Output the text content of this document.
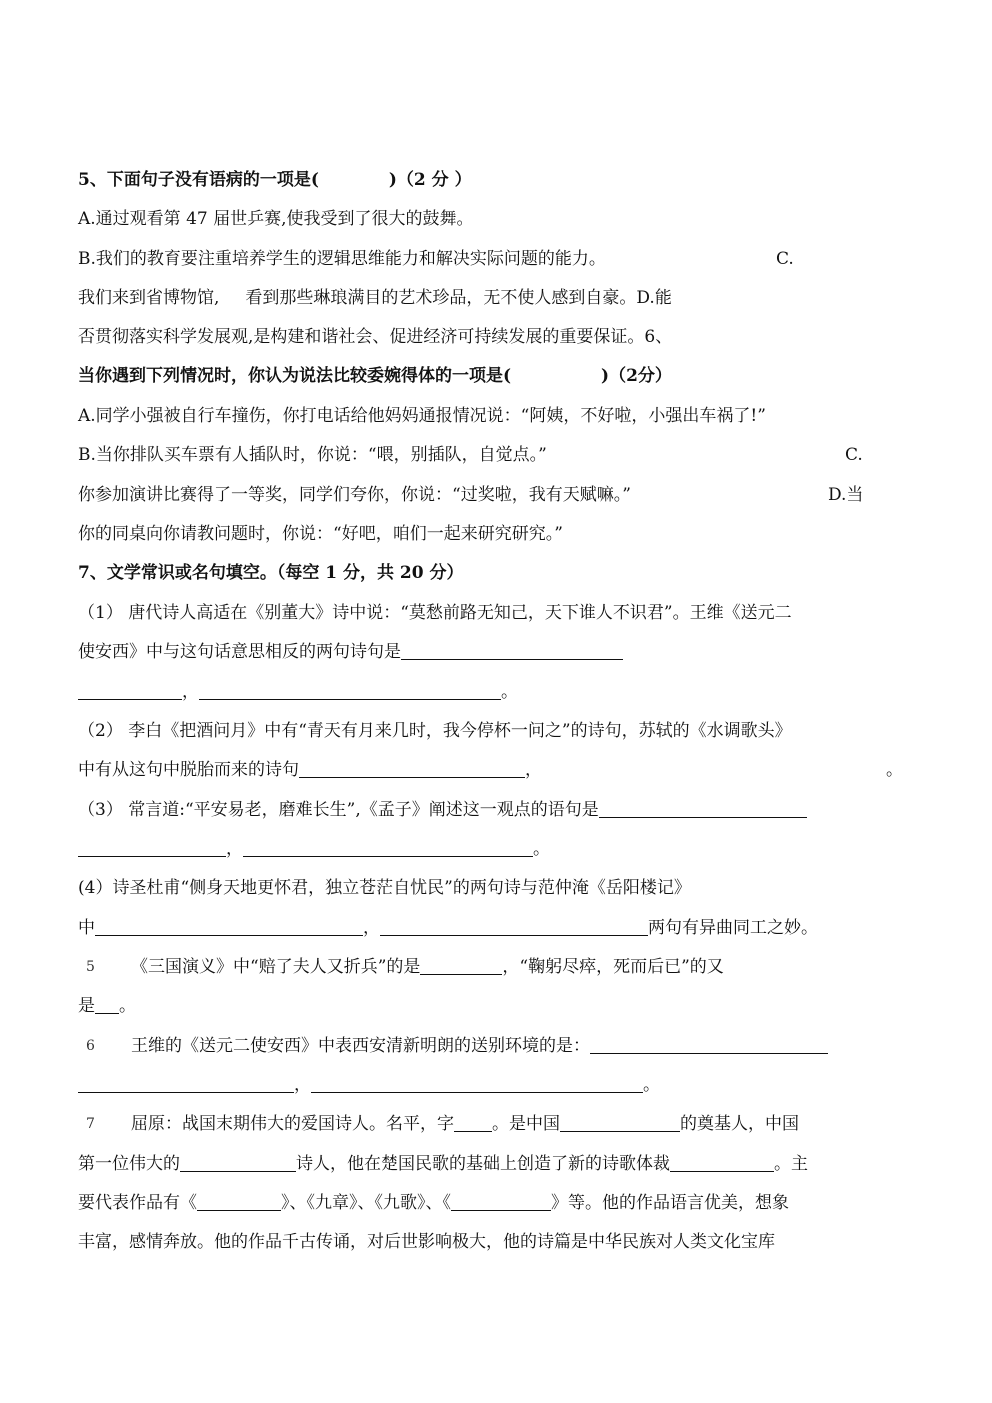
5、下面句子没有语病的一项是(	)（2 分 ）
A.通过观看第 47 届世乒赛,使我受到了很大的鼓舞。
B.我们的教育要注重培养学生的逻辑思维能力和解决实际问题的能力。	C.
我们来到省博物馆, 看到那些琳琅满目的艺术珍品，无不使人感到自豪。D.能
否贯彻落实科学发展观,是构建和谐社会、促进经济可持续发展的重要保证。6、
当你遇到下列情况时，你认为说法比较委婉得体的一项是(	)（2分）
A.同学小强被自行车撞伤，你打电话给他妈妈通报情况说：“阿姨，不好啦，小强出车祸了!”
B.当你排队买车票有人插队时，你说：“喂，别插队，自觉点。”	C.
你参加演讲比赛得了一等奖，同学们夸你，你说：“过奖啦，我有天赋嘛。”	D.当
你的同桌向你请教问题时，你说：“好吧，咱们一起来研究研究。”
7、文学常识或名句填空。（每空 1 分，共 20 分）
（1） 唐代诗人高适在《别董大》诗中说：“莫愁前路无知己，天下谁人不识君”。王维《送元二
使安西》中与这句话意思相反的两句诗句是
，	。
（2） 李白《把酒问月》中有“青天有月来几时，我今停杯一问之”的诗句，苏轼的《水调歌头》
中有从这句中脱胎而来的诗句	，	。
（3） 常言道:“平安易老，磨难长生”,《孟子》阐述这一观点的语句是
，	。
(4）诗圣杜甫“侧身天地更怀君，独立苍茫自忧民”的两句诗与范仲淹《岳阳楼记》
中	，	两句有异曲同工之妙。
5 《三国演义》中“赔了夫人又折兵”的是	，“鞠躬尽瘁，死而后已”的又
是 。
6 王维的《送元二使安西》中表西安清新明朗的送别环境的是：
，	。
7 屈原：战国末期伟大的爱国诗人。名平，字 。是中国	的奠基人，中国
第一位伟大的	诗人，他在楚国民歌的基础上创造了新的诗歌体裁	。主
要代表作品有《	》、《九章》、《九歌》、《	》等。他的作品语言优美，想象
丰富，感情奔放。他的作品千古传诵，对后世影响极大，他的诗篇是中华民族对人类文化宝库
